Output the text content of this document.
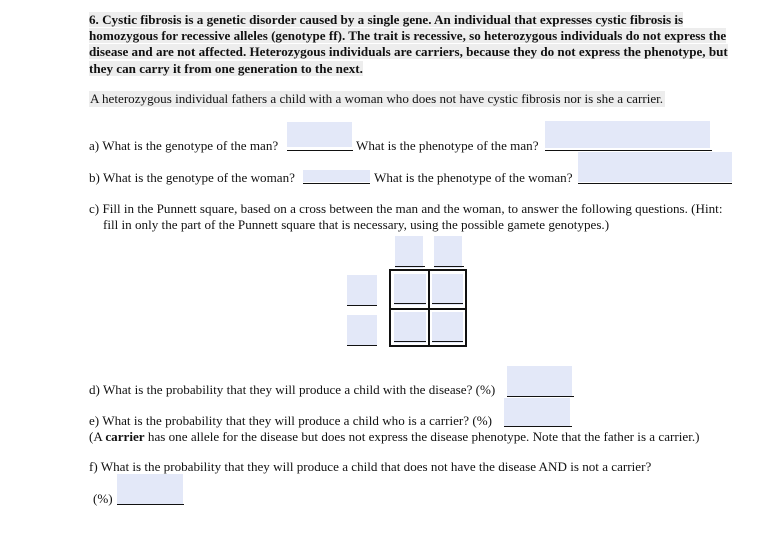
6. Cystic fibrosis is a genetic disorder caused by a single gene. An individual that expresses cystic fibrosis is homozygous for recessive alleles (genotype ff). The trait is recessive, so heterozygous individuals do not express the disease and are not affected. Heterozygous individuals are carriers, because they do not express the phenotype, but they can carry it from one generation to the next.
A heterozygous individual fathers a child with a woman who does not have cystic fibrosis nor is she a carrier.
a) What is the genotype of the man?	What is the phenotype of the man?
b) What is the genotype of the woman?	What is the phenotype of the woman?
c) Fill in the Punnett square, based on a cross between the man and the woman, to answer the following questions. (Hint:
fill in only the part of the Punnett square that is necessary, using the possible gamete genotypes.)
d) What is the probability that they will produce a child with the disease? (%)
e) What is the probability that they will produce a child who is a carrier? (%)
(A carrier has one allele for the disease but does not express the disease phenotype. Note that the father is a carrier.)
f) What is the probability that they will produce a child that does not have the disease AND is not a carrier?
(%)
